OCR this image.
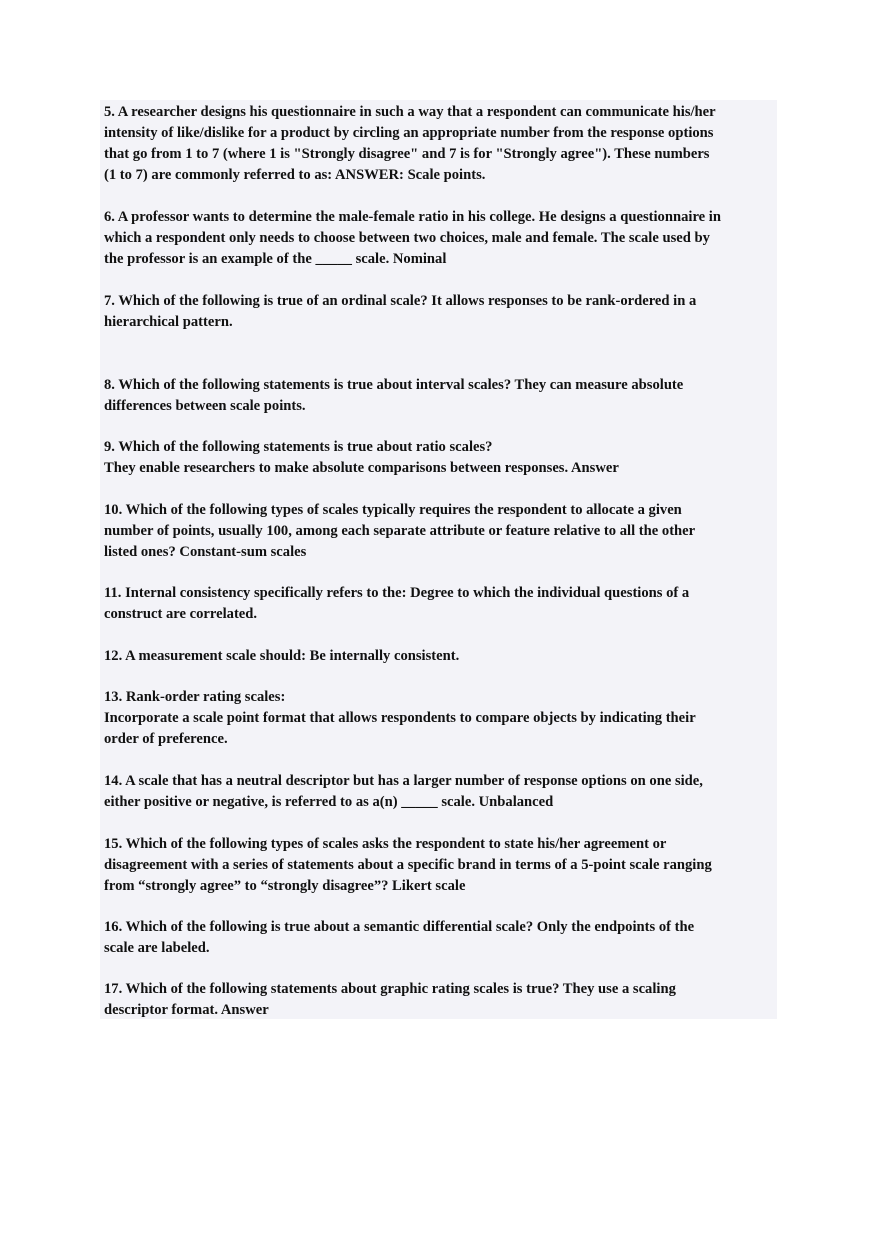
5. A researcher designs his questionnaire in such a way that a respondent can communicate his/her
intensity of like/dislike for a product by circling an appropriate number from the response options
that go from 1 to 7 (where 1 is "Strongly disagree" and 7 is for "Strongly agree"). These numbers
(1 to 7) are commonly referred to as: ANSWER: Scale points.

6. A professor wants to determine the male-female ratio in his college. He designs a questionnaire in
which a respondent only needs to choose between two choices, male and female. The scale used by
the professor is an example of the _____ scale. Nominal

7. Which of the following is true of an ordinal scale? It allows responses to be rank-ordered in a
hierarchical pattern.

8. Which of the following statements is true about interval scales? They can measure absolute
differences between scale points.

9. Which of the following statements is true about ratio scales?
They enable researchers to make absolute comparisons between responses. Answer

10. Which of the following types of scales typically requires the respondent to allocate a given
number of points, usually 100, among each separate attribute or feature relative to all the other
listed ones? Constant-sum scales

11. Internal consistency specifically refers to the: Degree to which the individual questions of a
construct are correlated.

12. A measurement scale should: Be internally consistent.

13. Rank-order rating scales:
Incorporate a scale point format that allows respondents to compare objects by indicating their
order of preference.

14. A scale that has a neutral descriptor but has a larger number of response options on one side,
either positive or negative, is referred to as a(n) _____ scale. Unbalanced

15. Which of the following types of scales asks the respondent to state his/her agreement or
disagreement with a series of statements about a specific brand in terms of a 5-point scale ranging
from “strongly agree” to “strongly disagree”? Likert scale

16. Which of the following is true about a semantic differential scale? Only the endpoints of the
scale are labeled.

17. Which of the following statements about graphic rating scales is true? They use a scaling
descriptor format. Answer
